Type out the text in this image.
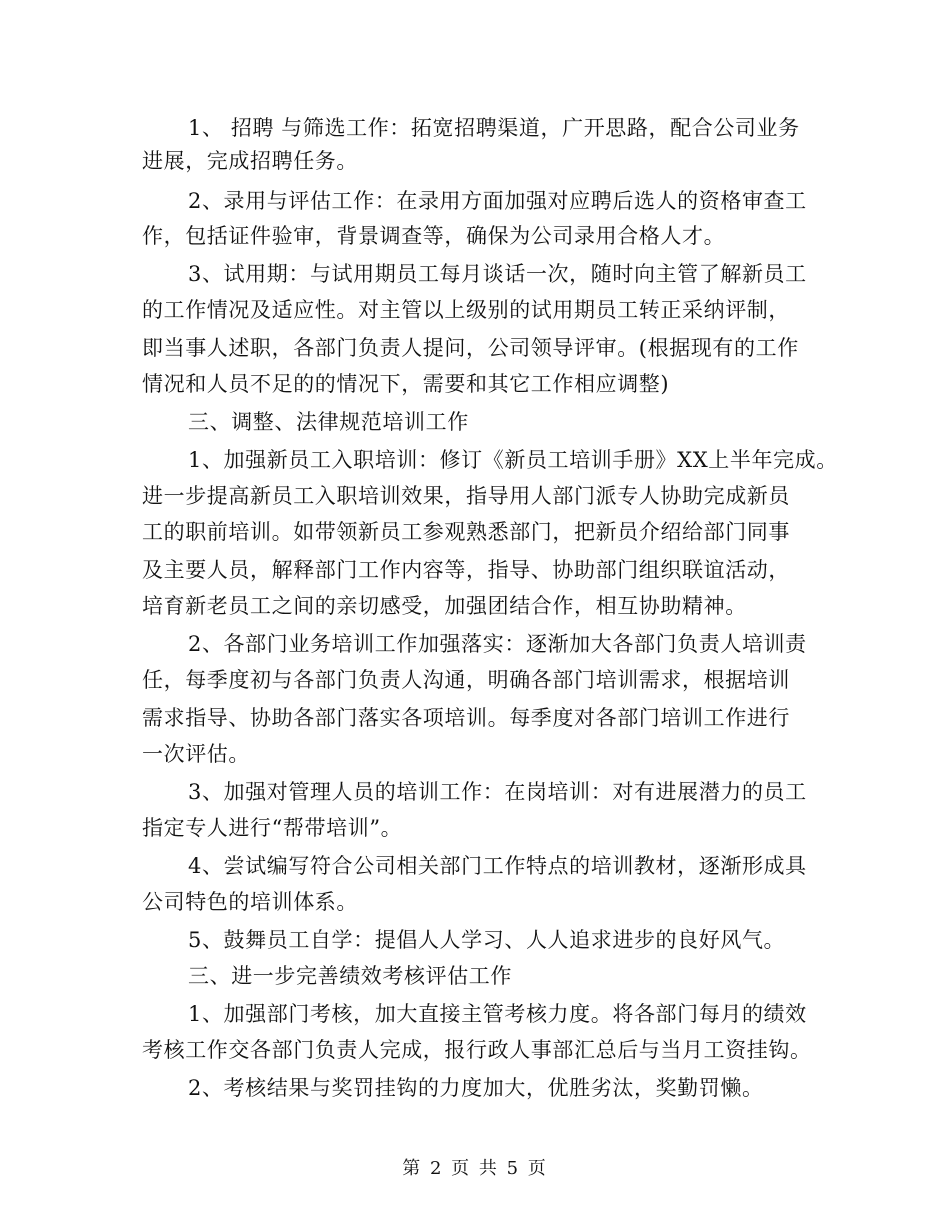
1、 招聘 与筛选工作：拓宽招聘渠道，广开思路，配合公司业务
进展，完成招聘任务。
2、录用与评估工作：在录用方面加强对应聘后选人的资格审查工
作，包括证件验审，背景调查等，确保为公司录用合格人才。
3、试用期：与试用期员工每月谈话一次，随时向主管了解新员工
的工作情况及适应性。对主管以上级别的试用期员工转正采纳评制，
即当事人述职，各部门负责人提问，公司领导评审。(根据现有的工作
情况和人员不足的的情况下，需要和其它工作相应调整)
三、调整、法律规范培训工作
1、加强新员工入职培训：修订《新员工培训手册》XX上半年完成。
进一步提高新员工入职培训效果，指导用人部门派专人协助完成新员
工的职前培训。如带领新员工参观熟悉部门，把新员介绍给部门同事
及主要人员，解释部门工作内容等，指导、协助部门组织联谊活动，
培育新老员工之间的亲切感受，加强团结合作，相互协助精神。
2、各部门业务培训工作加强落实：逐渐加大各部门负责人培训责
任，每季度初与各部门负责人沟通，明确各部门培训需求，根据培训
需求指导、协助各部门落实各项培训。每季度对各部门培训工作进行
一次评估。
3、加强对管理人员的培训工作：在岗培训：对有进展潜力的员工
指定专人进行“帮带培训”。
4、尝试编写符合公司相关部门工作特点的培训教材，逐渐形成具
公司特色的培训体系。
5、鼓舞员工自学：提倡人人学习、人人追求进步的良好风气。
三、进一步完善绩效考核评估工作
1、加强部门考核，加大直接主管考核力度。将各部门每月的绩效
考核工作交各部门负责人完成，报行政人事部汇总后与当月工资挂钩。
2、考核结果与奖罚挂钩的力度加大，优胜劣汰，奖勤罚懒。
第 2 页 共 5 页
